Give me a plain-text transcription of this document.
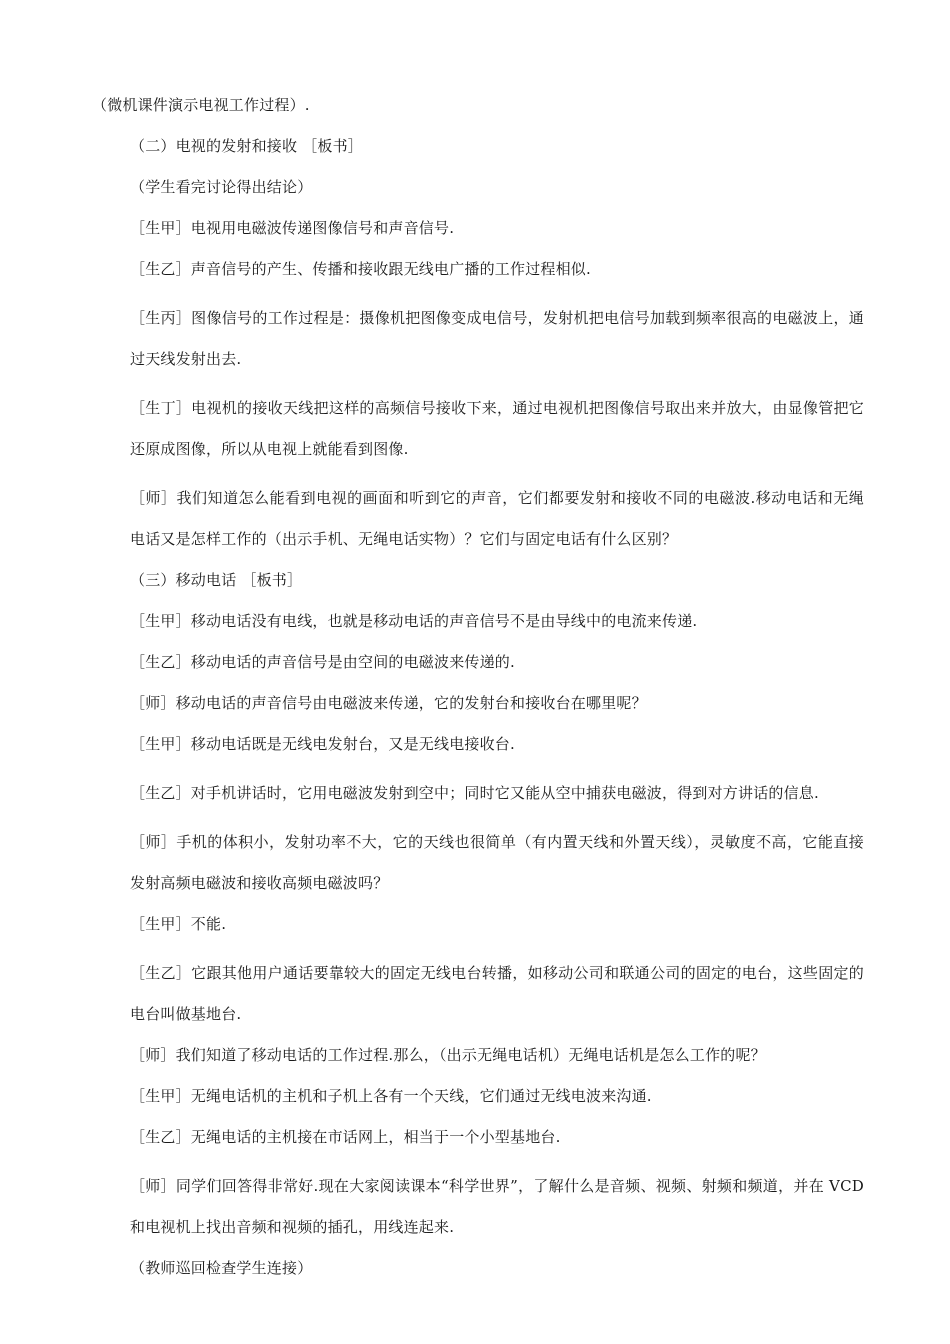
（微机课件演示电视工作过程）.

（二）电视的发射和接收 ［板书］

（学生看完讨论得出结论）

［生甲］电视用电磁波传递图像信号和声音信号.

［生乙］声音信号的产生、传播和接收跟无线电广播的工作过程相似.

［生丙］图像信号的工作过程是：摄像机把图像变成电信号，发射机把电信号加载到频率很高的电磁波上，通过天线发射出去.

［生丁］电视机的接收天线把这样的高频信号接收下来，通过电视机把图像信号取出来并放大，由显像管把它还原成图像，所以从电视上就能看到图像.

［师］我们知道怎么能看到电视的画面和听到它的声音，它们都要发射和接收不同的电磁波.移动电话和无绳电话又是怎样工作的（出示手机、无绳电话实物）？它们与固定电话有什么区别？

（三）移动电话 ［板书］

［生甲］移动电话没有电线，也就是移动电话的声音信号不是由导线中的电流来传递.

［生乙］移动电话的声音信号是由空间的电磁波来传递的.

［师］移动电话的声音信号由电磁波来传递，它的发射台和接收台在哪里呢？

［生甲］移动电话既是无线电发射台，又是无线电接收台.

［生乙］对手机讲话时，它用电磁波发射到空中；同时它又能从空中捕获电磁波，得到对方讲话的信息.

［师］手机的体积小，发射功率不大，它的天线也很简单（有内置天线和外置天线），灵敏度不高，它能直接发射高频电磁波和接收高频电磁波吗？

［生甲］不能.

［生乙］它跟其他用户通话要靠较大的固定无线电台转播，如移动公司和联通公司的固定的电台，这些固定的电台叫做基地台.

［师］我们知道了移动电话的工作过程.那么，（出示无绳电话机）无绳电话机是怎么工作的呢？

［生甲］无绳电话机的主机和子机上各有一个天线，它们通过无线电波来沟通.

［生乙］无绳电话的主机接在市话网上，相当于一个小型基地台.

［师］同学们回答得非常好.现在大家阅读课本“科学世界”，了解什么是音频、视频、射频和频道，并在 VCD 和电视机上找出音频和视频的插孔，用线连起来.

（教师巡回检查学生连接）
